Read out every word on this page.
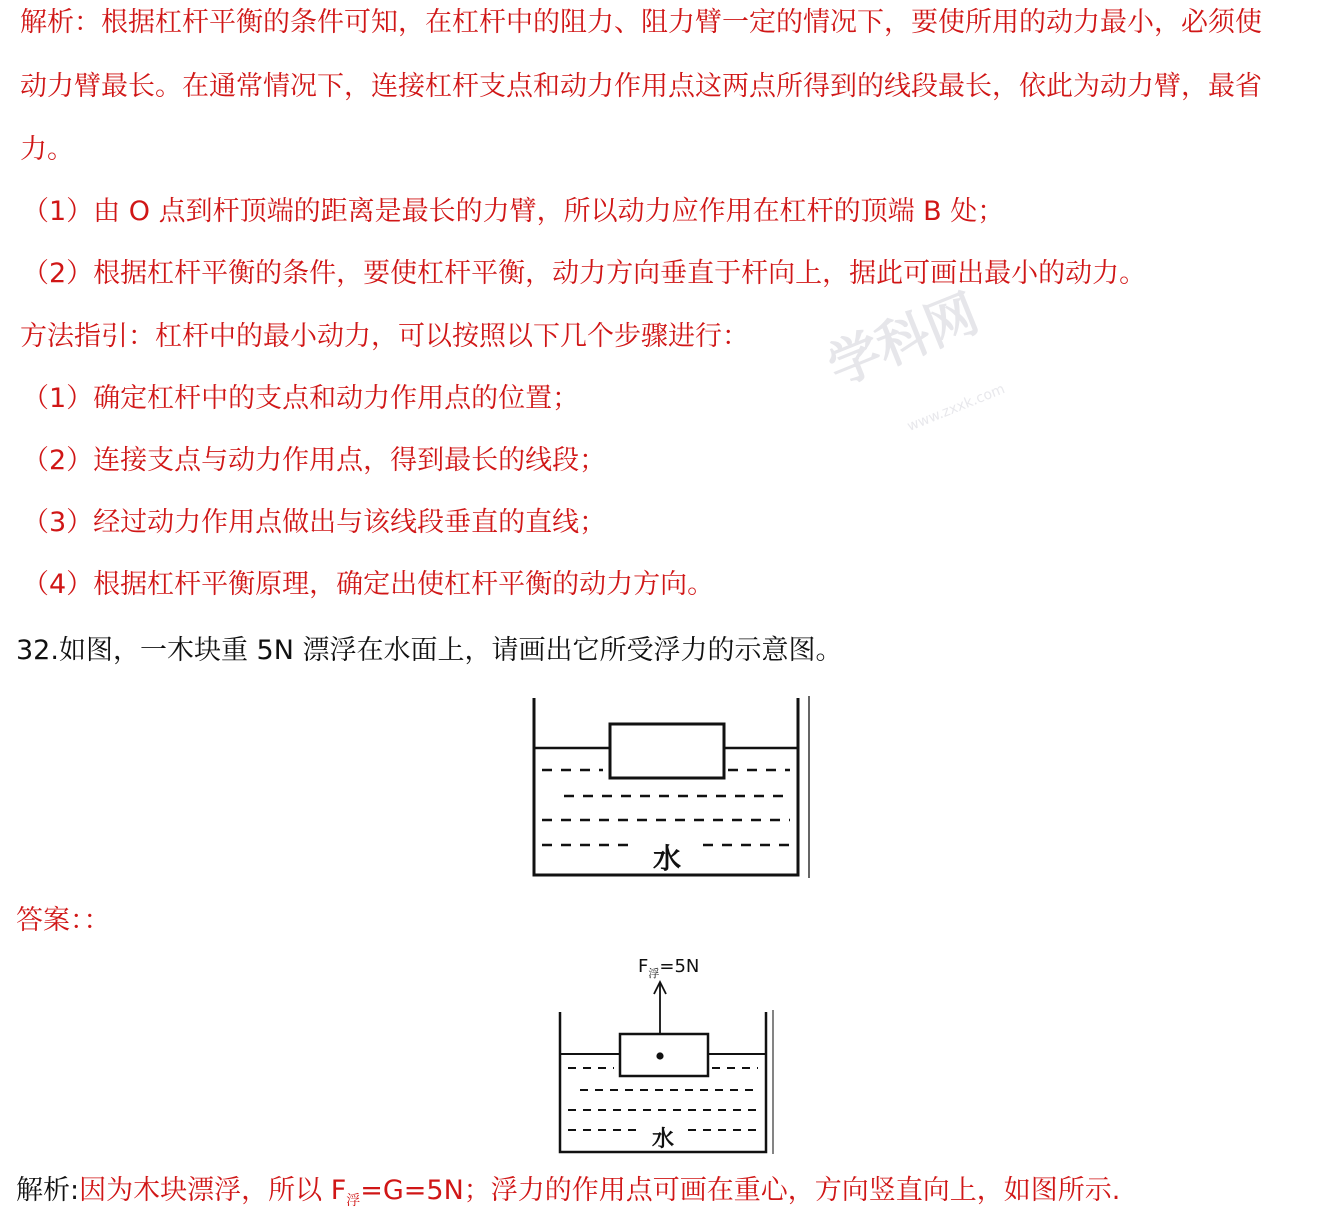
学科网
www.zxxk.com
解析：根据杠杆平衡的条件可知，在杠杆中的阻力、阻力臂一定的情况下，要使所用的动力最小，必须使
动力臂最长。在通常情况下，连接杠杆支点和动力作用点这两点所得到的线段最长，依此为动力臂，最省
力。
（1）由 O 点到杆顶端的距离是最长的力臂，所以动力应作用在杠杆的顶端 B 处；
（2）根据杠杆平衡的条件，要使杠杆平衡，动力方向垂直于杆向上，据此可画出最小的动力。
方法指引：杠杆中的最小动力，可以按照以下几个步骤进行：
（1）确定杠杆中的支点和动力作用点的位置；
（2）连接支点与动力作用点，得到最长的线段；
（3）经过动力作用点做出与该线段垂直的直线；
（4）根据杠杆平衡原理，确定出使杠杆平衡的动力方向。
32.如图，一木块重 5N 漂浮在水面上，请画出它所受浮力的示意图。
水
答案：：
$F_浮=5N$
水
解析:因为木块漂浮，所以 $F_浮=G=5N$；浮力的作用点可画在重心，方向竖直向上，如图所示.
